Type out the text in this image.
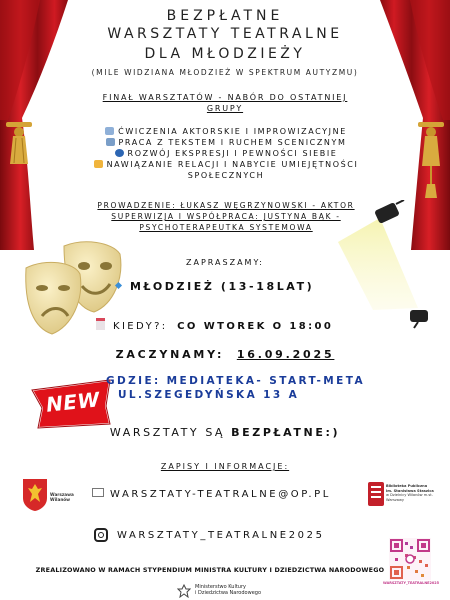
BEZPŁATNE
WARSZTATY TEATRALNE
DLA MŁODZIEŻY
(MILE WIDZIANA MŁODZIEŻ W SPEKTRUM AUTYZMU)
FINAŁ WARSZTATÓW - NABÓR DO OSTATNIEJ
GRUPY
ĆWICZENIA AKTORSKIE I IMPROWIZACYJNE
PRACA Z TEKSTEM I RUCHEM SCENICZNYM
ROZWÓJ EKSPRESJI I PEWNOŚCI SIEBIE
NAWIĄZANIE RELACJI I NABYCIE UMIEJĘTNOŚCI
SPOŁECZNYCH
PROWADZENIE: ŁUKASZ WĘGRZYNOWSKI - AKTOR
SUPERWIZJA I WSPÓŁPRACA: JUSTYNA BĄK -
PSYCHOTERAPEUTKA SYSTEMOWA
ZAPRASZAMY:
MŁODZIEŻ (13-18LAT)
KIEDY?: CO WTOREK O 18:00
ZACZYNAMY: 16.09.2025
NEW
GDZIE: MEDIATEKA- START-META
UL.SZEGEDYŃSKA 13 A
WARSZTATY SĄ BEZPŁATNE:)
ZAPISY I INFORMACJE:
Warszawa
Wilanów	WARSZTATY-TEATRALNE@OP.PL
Biblioteka Publiczna
im. Stanisława Staszica
w Dzielnicy Wilanów m.st. Warszawy
WARSZTATY_TEATRALNE2025
WARSZTATY_TEATRALNE2025
ZREALIZOWANO W RAMACH STYPENDIUM MINISTRA KULTURY I DZIEDZICTWA NARODOWEGO
Ministerstwo Kultury
i Dziedzictwa Narodowego
